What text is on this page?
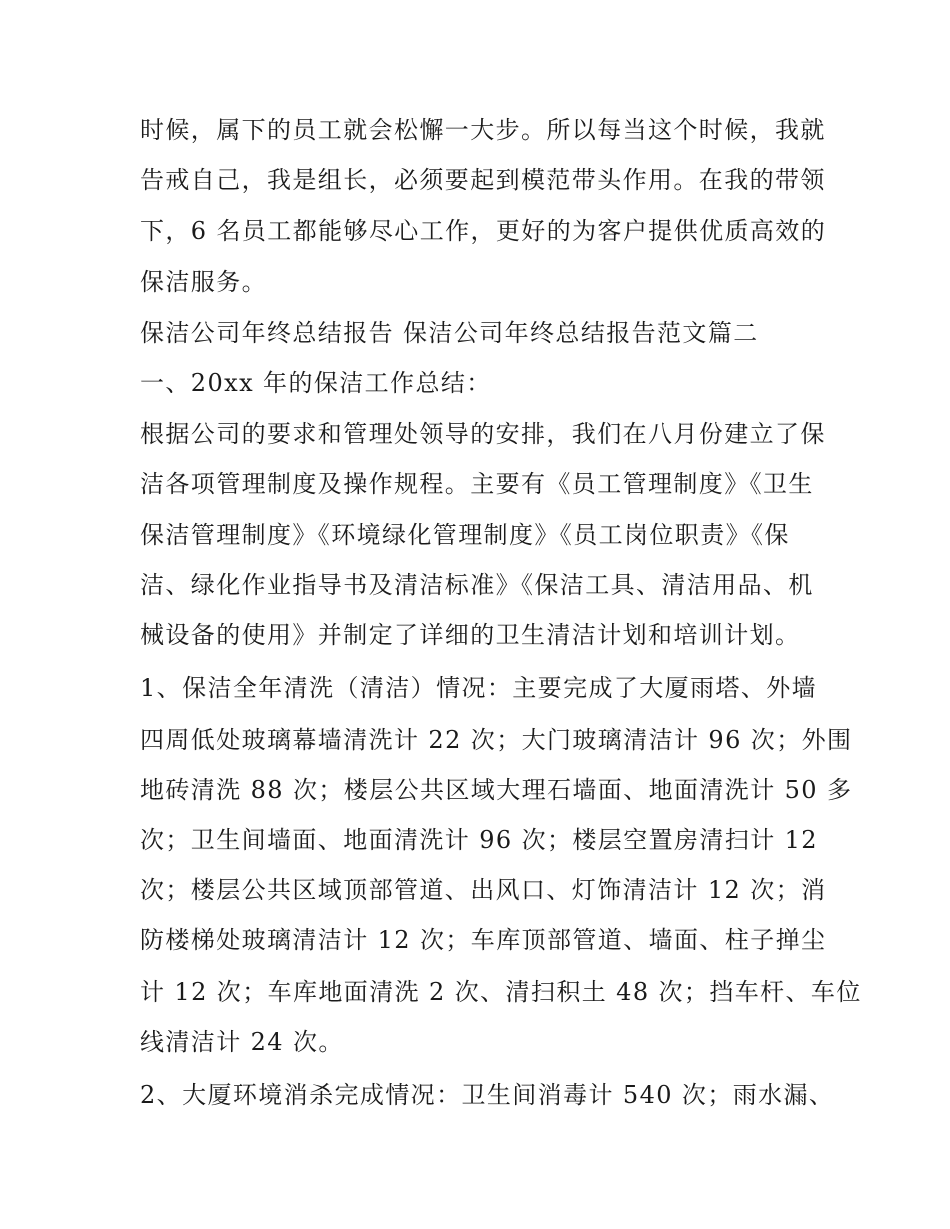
时候，属下的员工就会松懈一大步。所以每当这个时候，我就
告戒自己，我是组长，必须要起到模范带头作用。在我的带领
下，6 名员工都能够尽心工作，更好的为客户提供优质高效的
保洁服务。
保洁公司年终总结报告 保洁公司年终总结报告范文篇二
一、20xx 年的保洁工作总结：
根据公司的要求和管理处领导的安排，我们在八月份建立了保
洁各项管理制度及操作规程。主要有《员工管理制度》《卫生
保洁管理制度》《环境绿化管理制度》《员工岗位职责》《保
洁、绿化作业指导书及清洁标准》《保洁工具、清洁用品、机
械设备的使用》并制定了详细的卫生清洁计划和培训计划。
1、保洁全年清洗（清洁）情况：主要完成了大厦雨塔、外墙
四周低处玻璃幕墙清洗计 22 次；大门玻璃清洁计 96 次；外围
地砖清洗 88 次；楼层公共区域大理石墙面、地面清洗计 50 多
次；卫生间墙面、地面清洗计 96 次；楼层空置房清扫计 12
次；楼层公共区域顶部管道、出风口、灯饰清洁计 12 次；消
防楼梯处玻璃清洁计 12 次；车库顶部管道、墙面、柱子掸尘
计 12 次；车库地面清洗 2 次、清扫积土 48 次；挡车杆、车位
线清洁计 24 次。
2、大厦环境消杀完成情况：卫生间消毒计 540 次；雨水漏、
